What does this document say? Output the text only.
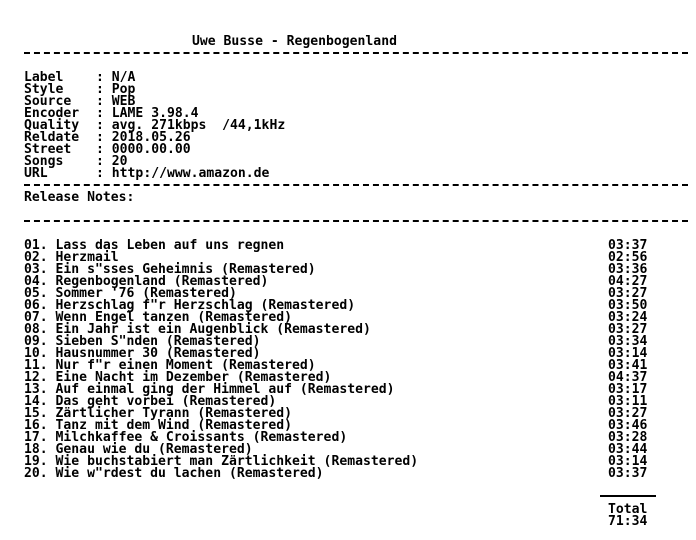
Uwe Busse - Regenbogenland
Label : N/A
Style : Pop
Source : WEB
Encoder : LAME 3.98.4
Quality : avg. 271kbps  /44,1kHz
Reldate : 2018.05.26
Street : 0000.00.00
Songs : 20
URL	: http://www.amazon.de
Release Notes:
01. Lass das Leben auf uns regnen	03:37
02. Herzmail	02:56
03. Ein s"sses Geheimnis (Remastered)	03:36
04. Regenbogenland (Remastered)	04:27
05. Sommer '76 (Remastered)	03:27
06. Herzschlag f"r Herzschlag (Remastered)	03:50
07. Wenn Engel tanzen (Remastered)	03:24
08. Ein Jahr ist ein Augenblick (Remastered)	03:27
09. Sieben S"nden (Remastered)	03:34
10. Hausnummer 30 (Remastered)	03:14
11. Nur f"r einen Moment (Remastered)	03:41
12. Eine Nacht im Dezember (Remastered)	04:37
13. Auf einmal ging der Himmel auf (Remastered)	03:17
14. Das geht vorbei (Remastered)	03:11
15. Zärtlicher Tyrann (Remastered)	03:27
16. Tanz mit dem Wind (Remastered)	03:46
17. Milchkaffee & Croissants (Remastered)	03:28
18. Genau wie du (Remastered)	03:44
19. Wie buchstabiert man Zärtlichkeit (Remastered)	03:14
20. Wie w"rdest du lachen (Remastered)	03:37
Total
71:34
